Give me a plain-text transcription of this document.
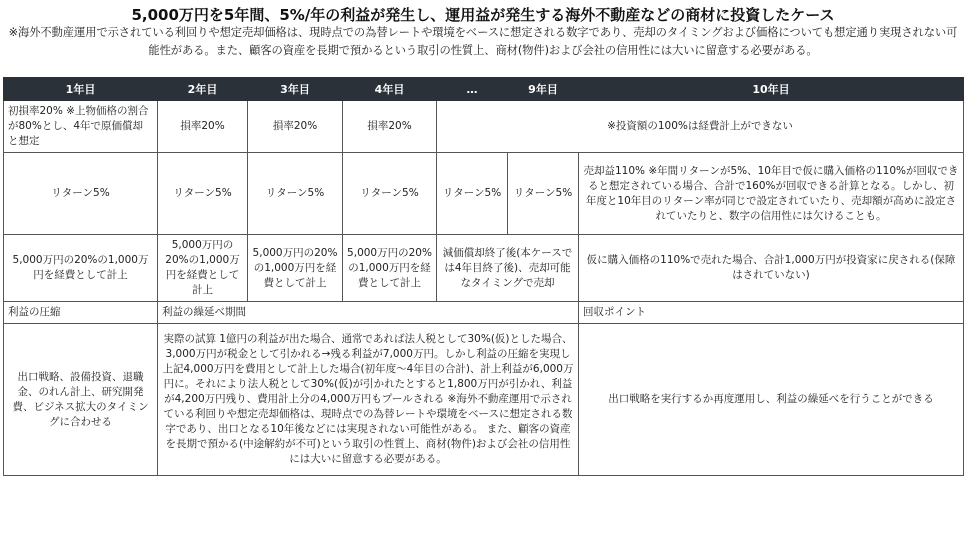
5,000万円を5年間、5%/年の利益が発生し、運用益が発生する海外不動産などの商材に投資したケース

※海外不動産運用で示されている利回りや想定売却価格は、現時点での為替レートや環境をベースに想定される数字であり、売却のタイミングおよび価格についても想定通り実現されない可能性がある。また、顧客の資産を長期で預かるという取引の性質上、商材(物件)および会社の信用性には大いに留意する必要がある。

1年目	2年目	3年目	4年目	…	9年目	10年目
初損率20% ※上物価格の割合が80%とし、4年で原価償却と想定	損率20%	損率20%	損率20%	※投資額の100%は経費計上ができない		
リターン5%	リターン5%	リターン5%	リターン5%	リターン5%	リターン5%	売却益110% ※年間リターンが5%、10年目で仮に購入価格の110%が回収できると想定されている場合、合計で160%が回収できる計算となる。しかし、初年度と10年目のリターン率が同じで設定されていたり、売却額が高めに設定されていたりと、数字の信用性には欠けることも。
5,000万円の20%の1,000万円を経費として計上	5,000万円の20%の1,000万円を経費として計上	5,000万円の20%の1,000万円を経費として計上	5,000万円の20%の1,000万円を経費として計上	減価償却終了後(本ケースでは4年目終了後)、売却可能なタイミングで売却		仮に購入価格の110%で売れた場合、合計1,000万円が投資家に戻される(保障はされていない)
利益の圧縮	利益の繰延べ期間					回収ポイント
出口戦略、設備投資、退職金、のれん計上、研究開発費、ビジネス拡大のタイミングに合わせる	実際の試算 1億円の利益が出た場合、通常であれば法人税として30%(仮)とした場合、3,000万円が税金として引かれる→残る利益が7,000万円。しかし利益の圧縮を実現し上記4,000万円を費用として計上した場合(初年度〜4年目の合計)、計上利益が6,000万円に。それにより法人税として30%(仮)が引かれたとすると1,800万円が引かれ、利益が4,200万円残り、費用計上分の4,000万円もプールされる ※海外不動産運用で示されている利回りや想定売却価格は、現時点での為替レートや環境をベースに想定される数字であり、出口となる10年後などには実現されない可能性がある。 また、顧客の資産を長期で預かる(中途解約が不可)という取引の性質上、商材(物件)および会社の信用性には大いに留意する必要がある。					出口戦略を実行するか再度運用し、利益の繰延べを行うことができる
